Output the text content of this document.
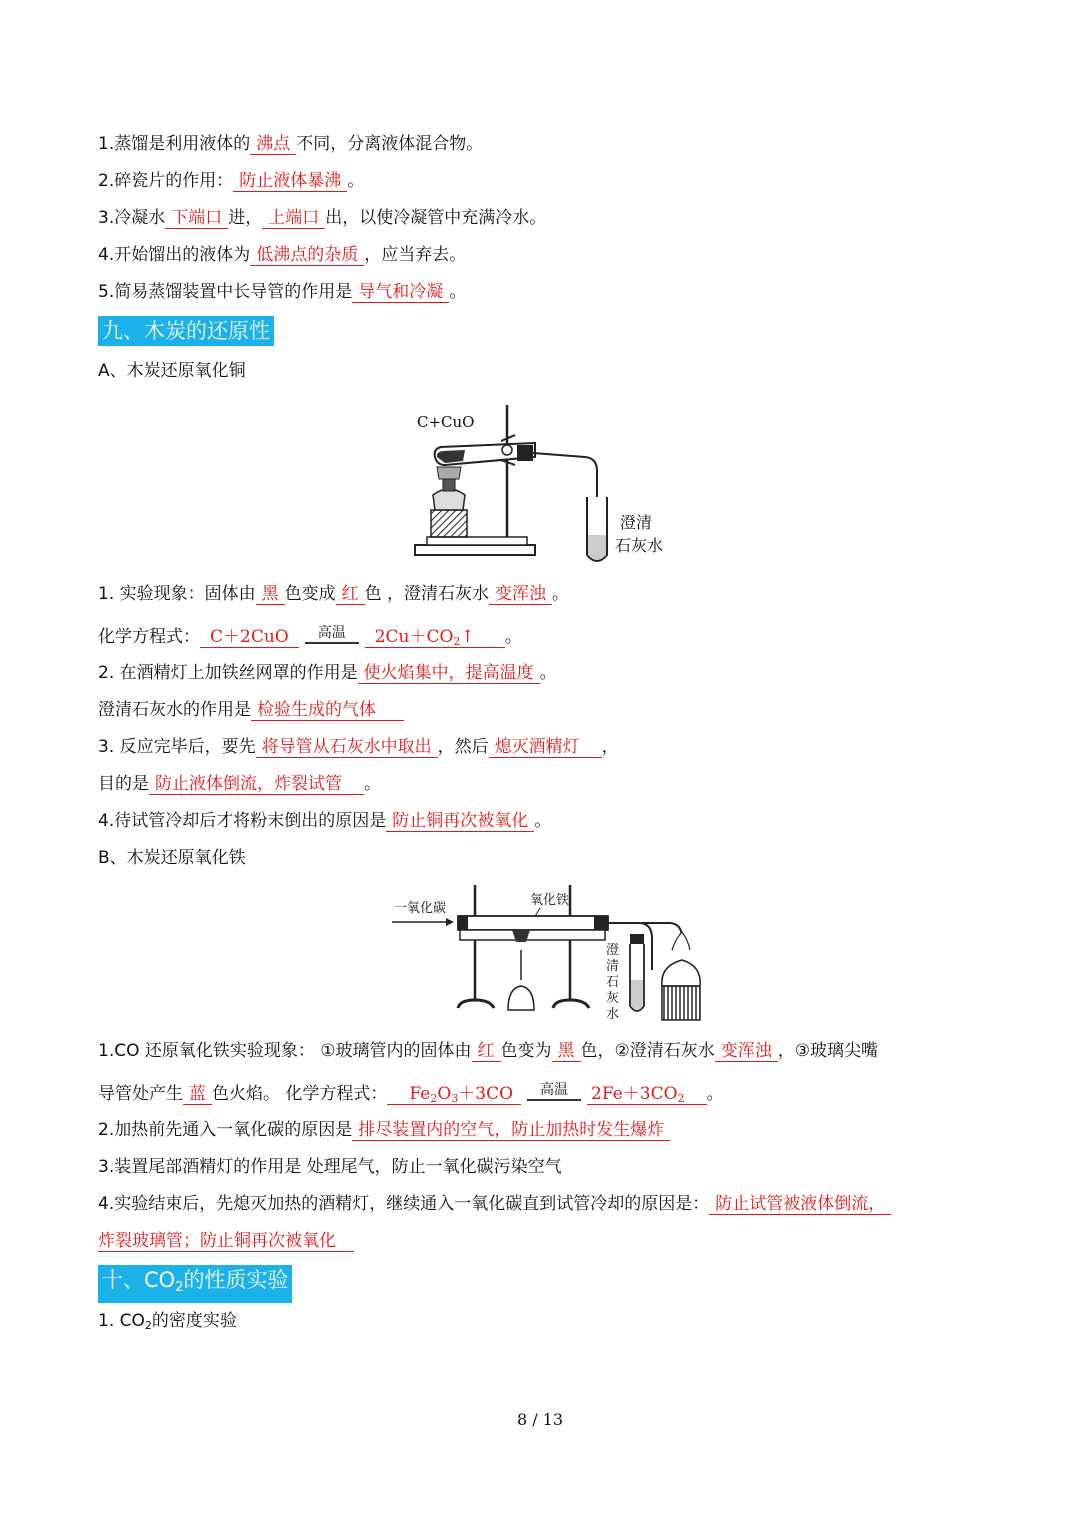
1.蒸馏是利用液体的 沸点 不同，分离液体混合物。
2.碎瓷片的作用： 防止液体暴沸 。
3.冷凝水 下端口 进， 上端口 出，以使冷凝管中充满冷水。
4.开始馏出的液体为 低沸点的杂质 ，应当弃去。
5.简易蒸馏装置中长导管的作用是 导气和冷凝 。
九、木炭的还原性
A、木炭还原氧化铜
C+CuO
澄清
石灰水
1. 实验现象：固体由 黑 色变成 红 色 ，澄清石灰水 变浑浊 。
化学方程式： C＋2CuO	高温	$2Cu+CO_2↑$ 。
2. 在酒精灯上加铁丝网罩的作用是 使火焰集中，提高温度 。
澄清石灰水的作用是 检验生成的气体
3. 反应完毕后，要先 将导管从石灰水中取出 ，然后 熄灭酒精灯 ，
目的是 防止液体倒流，炸裂试管 。
4.待试管冷却后才将粉末倒出的原因是 防止铜再次被氧化 。
B、木炭还原氧化铁
一氧化碳
氧化铁
澄
清
石
灰
水
1.CO 还原氧化铁实验现象： ①玻璃管内的固体由 红 色变为 黑 色，②澄清石灰水 变浑浊 ，③玻璃尖嘴
导管处产生 蓝 色火焰。 化学方程式： $Fe_2O_3+3CO$	高温	$2Fe+3CO_2$ 。
2.加热前先通入一氧化碳的原因是 排尽装置内的空气，防止加热时发生爆炸
3.装置尾部酒精灯的作用是 处理尾气，防止一氧化碳污染空气
4.实验结束后，先熄灭加热的酒精灯，继续通入一氧化碳直到试管冷却的原因是： 防止试管被液体倒流，
炸裂玻璃管；防止铜再次被氧化
十、CO2的性质实验
1. $CO_2$的密度实验
8 / 13
